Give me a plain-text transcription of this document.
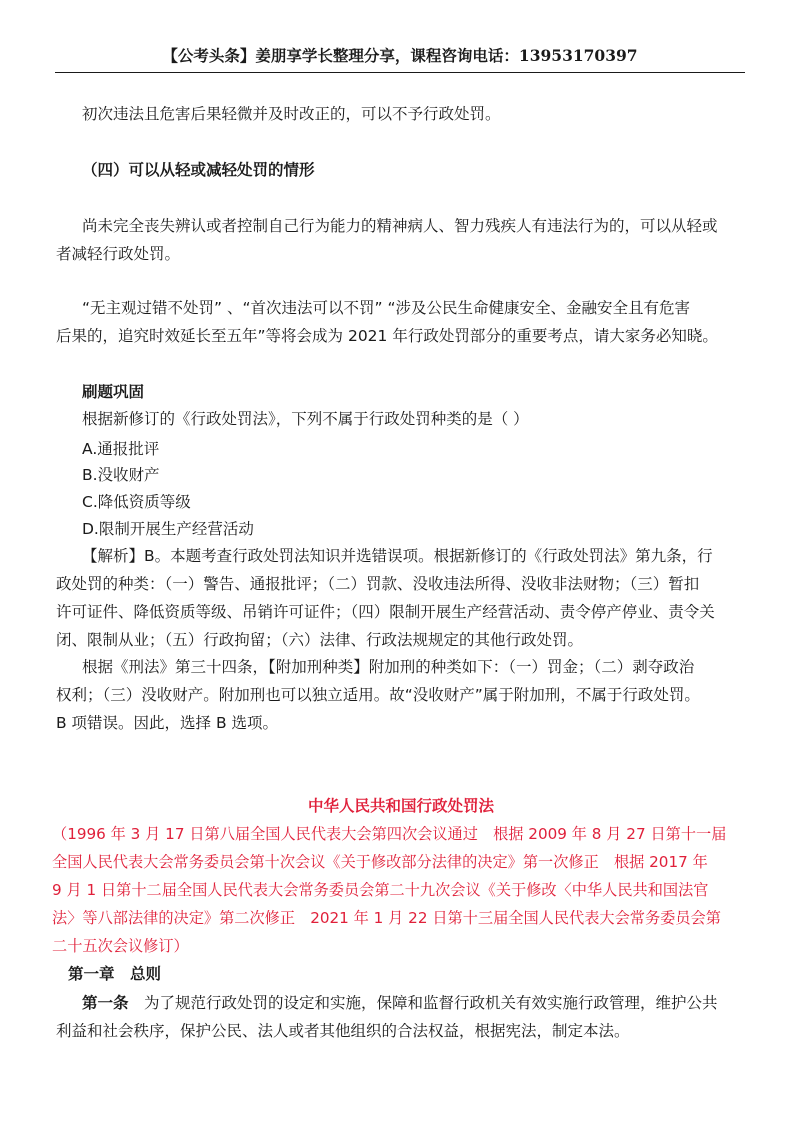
【公考头条】姜朋享学长整理分享，课程咨询电话：13953170397

初次违法且危害后果轻微并及时改正的，可以不予行政处罚。

（四）可以从轻或减轻处罚的情形

尚未完全丧失辨认或者控制自己行为能力的精神病人、智力残疾人有违法行为的，可以从轻或
者减轻行政处罚。

“无主观过错不处罚” 、“首次违法可以不罚” “涉及公民生命健康安全、金融安全且有危害
后果的，追究时效延长至五年”等将会成为 2021 年行政处罚部分的重要考点，请大家务必知晓。

刷题巩固

根据新修订的《行政处罚法》，下列不属于行政处罚种类的是（ ）

A.通报批评

B.没收财产

C.降低资质等级

D.限制开展生产经营活动

【解析】B。本题考查行政处罚法知识并选错误项。根据新修订的《行政处罚法》第九条，行
政处罚的种类：（一）警告、通报批评；（二）罚款、没收违法所得、没收非法财物；（三）暂扣
许可证件、降低资质等级、吊销许可证件；（四）限制开展生产经营活动、责令停产停业、责令关
闭、限制从业；（五）行政拘留；（六）法律、行政法规规定的其他行政处罚。
根据《刑法》第三十四条，【附加刑种类】附加刑的种类如下：（一）罚金；（二）剥夺政治
权利；（三）没收财产。附加刑也可以独立适用。故“没收财产”属于附加刑，不属于行政处罚。
B 项错误。因此，选择 B 选项。

中华人民共和国行政处罚法

（1996 年 3 月 17 日第八届全国人民代表大会第四次会议通过　根据 2009 年 8 月 27 日第十一届
全国人民代表大会常务委员会第十次会议《关于修改部分法律的决定》第一次修正　根据 2017 年
9 月 1 日第十二届全国人民代表大会常务委员会第二十九次会议《关于修改〈中华人民共和国法官
法〉等八部法律的决定》第二次修正　2021 年 1 月 22 日第十三届全国人民代表大会常务委员会第
二十五次会议修订）

第一章　总则

第一条　为了规范行政处罚的设定和实施，保障和监督行政机关有效实施行政管理，维护公共
利益和社会秩序，保护公民、法人或者其他组织的合法权益，根据宪法，制定本法。
